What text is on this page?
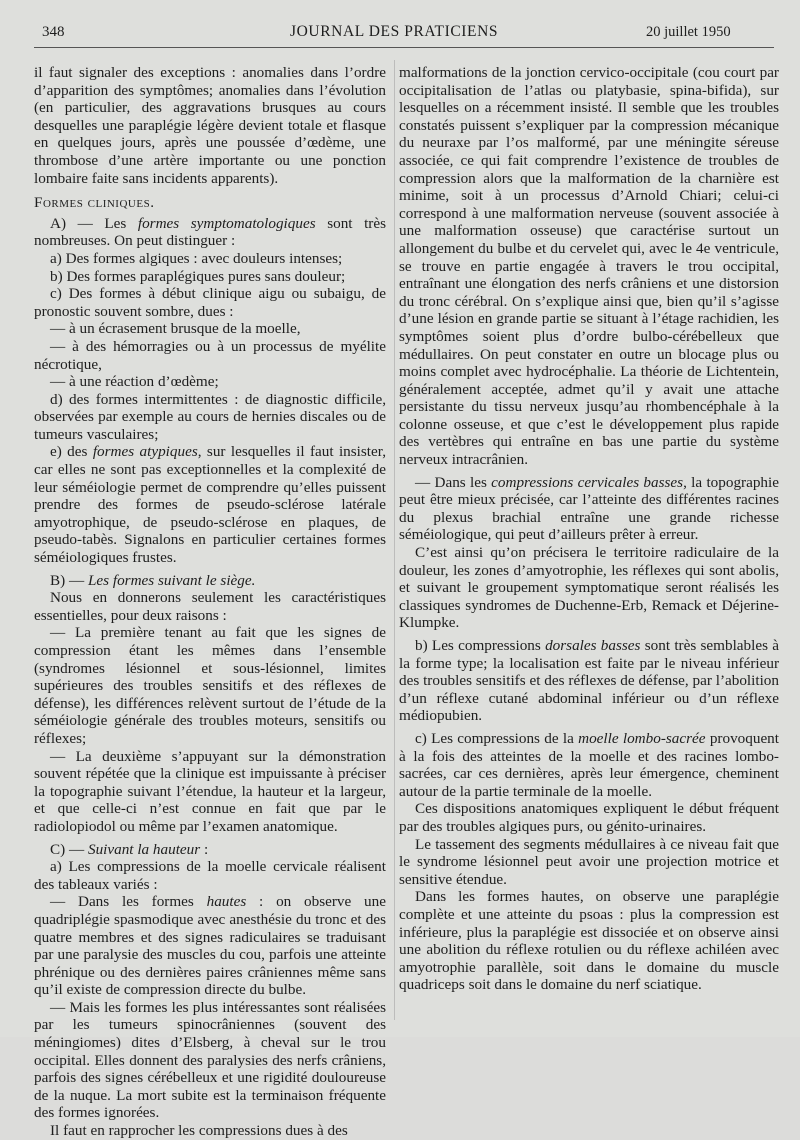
348	JOURNAL DES PRATICIENS	20 juillet 1950

il faut signaler des exceptions : anomalies dans l’ordre d’apparition des symptômes; anomalies dans l’évolution (en particulier, des aggravations brusques au cours desquelles une paraplégie légère devient totale et flasque en quelques jours, après une poussée d’œdème, une thrombose d’une artère importante ou une ponction lombaire faite sans incidents apparents).

Formes cliniques.

A) — Les formes symptomatologiques sont très nombreuses. On peut distinguer :

a) Des formes algiques : avec douleurs intenses;

b) Des formes paraplégiques pures sans douleur;

c) Des formes à début clinique aigu ou subaigu, de pronostic souvent sombre, dues :

— à un écrasement brusque de la moelle,

— à des hémorragies ou à un processus de myélite nécrotique,

— à une réaction d’œdème;

d) des formes intermittentes : de diagnostic difficile, observées par exemple au cours de hernies discales ou de tumeurs vasculaires;

e) des formes atypiques, sur lesquelles il faut insister, car elles ne sont pas exceptionnelles et la complexité de leur séméiologie permet de comprendre qu’elles puissent prendre des formes de pseudo-sclérose latérale amyotrophique, de pseudo-sclérose en plaques, de pseudo-tabès. Signalons en particulier certaines formes séméiologiques frustes.

B) — Les formes suivant le siège.

Nous en donnerons seulement les caractéristiques essentielles, pour deux raisons :

— La première tenant au fait que les signes de compression étant les mêmes dans l’ensemble (syndromes lésionnel et sous-lésionnel, limites supérieures des troubles sensitifs et des réflexes de défense), les différences relèvent surtout de l’étude de la séméiologie générale des troubles moteurs, sensitifs ou réflexes;

— La deuxième s’appuyant sur la démonstration souvent répétée que la clinique est impuissante à préciser la topographie suivant l’étendue, la hauteur et la largeur, et que celle-ci n’est connue en fait que par le radiolopiodol ou même par l’examen anatomique.

C) — Suivant la hauteur :

a) Les compressions de la moelle cervicale réalisent des tableaux variés :

— Dans les formes hautes : on observe une quadriplégie spasmodique avec anesthésie du tronc et des quatre membres et des signes radiculaires se traduisant par une paralysie des muscles du cou, parfois une atteinte phrénique ou des dernières paires crâniennes même sans qu’il existe de compression directe du bulbe.

— Mais les formes les plus intéressantes sont réalisées par les tumeurs spinocrâniennes (souvent des méningiomes) dites d’Elsberg, à cheval sur le trou occipital. Elles donnent des paralysies des nerfs crâniens, parfois des signes cérébelleux et une rigidité douloureuse de la nuque. La mort subite est la terminaison fréquente des formes ignorées.

Il faut en rapprocher les compressions dues à des

malformations de la jonction cervico-occipitale (cou court par occipitalisation de l’atlas ou platybasie, spina-bifida), sur lesquelles on a récemment insisté. Il semble que les troubles constatés puissent s’expliquer par la compression mécanique du neuraxe par l’os malformé, par une méningite séreuse associée, ce qui fait comprendre l’existence de troubles de compression alors que la malformation de la charnière est minime, soit à un processus d’Arnold Chiari; celui-ci correspond à une malformation nerveuse (souvent associée à une malformation osseuse) que caractérise surtout un allongement du bulbe et du cervelet qui, avec le 4e ventricule, se trouve en partie engagée à travers le trou occipital, entraînant une élongation des nerfs crâniens et une distorsion du tronc cérébral. On s’explique ainsi que, bien qu’il s’agisse d’une lésion en grande partie se situant à l’étage rachidien, les symptômes soient plus d’ordre bulbo-cérébelleux que médullaires. On peut constater en outre un blocage plus ou moins complet avec hydrocéphalie. La théorie de Lichtentein, généralement acceptée, admet qu’il y avait une attache persistante du tissu nerveux jusqu’au rhombencéphale à la colonne osseuse, et que c’est le développement plus rapide des vertèbres qui entraîne en bas une partie du système nerveux intracrânien.

— Dans les compressions cervicales basses, la topographie peut être mieux précisée, car l’atteinte des différentes racines du plexus brachial entraîne une grande richesse séméiologique, qui peut d’ailleurs prêter à erreur.

C’est ainsi qu’on précisera le territoire radiculaire de la douleur, les zones d’amyotrophie, les réflexes qui sont abolis, et suivant le groupement symptomatique seront réalisés les classiques syndromes de Duchenne-Erb, Remack et Déjerine-Klumpke.

b) Les compressions dorsales basses sont très semblables à la forme type; la localisation est faite par le niveau inférieur des troubles sensitifs et des réflexes de défense, par l’abolition d’un réflexe cutané abdominal inférieur ou d’un réflexe médiopubien.

c) Les compressions de la moelle lombo-sacrée provoquent à la fois des atteintes de la moelle et des racines lombo-sacrées, car ces dernières, après leur émergence, cheminent autour de la partie terminale de la moelle.

Ces dispositions anatomiques expliquent le début fréquent par des troubles algiques purs, ou génito-urinaires.

Le tassement des segments médullaires à ce niveau fait que le syndrome lésionnel peut avoir une projection motrice et sensitive étendue.

Dans les formes hautes, on observe une paraplégie complète et une atteinte du psoas : plus la compression est inférieure, plus la paraplégie est dissociée et on observe ainsi une abolition du réflexe rotulien ou du réflexe achiléen avec amyotrophie parallèle, soit dans le domaine du muscle quadriceps soit dans le domaine du nerf sciatique.
